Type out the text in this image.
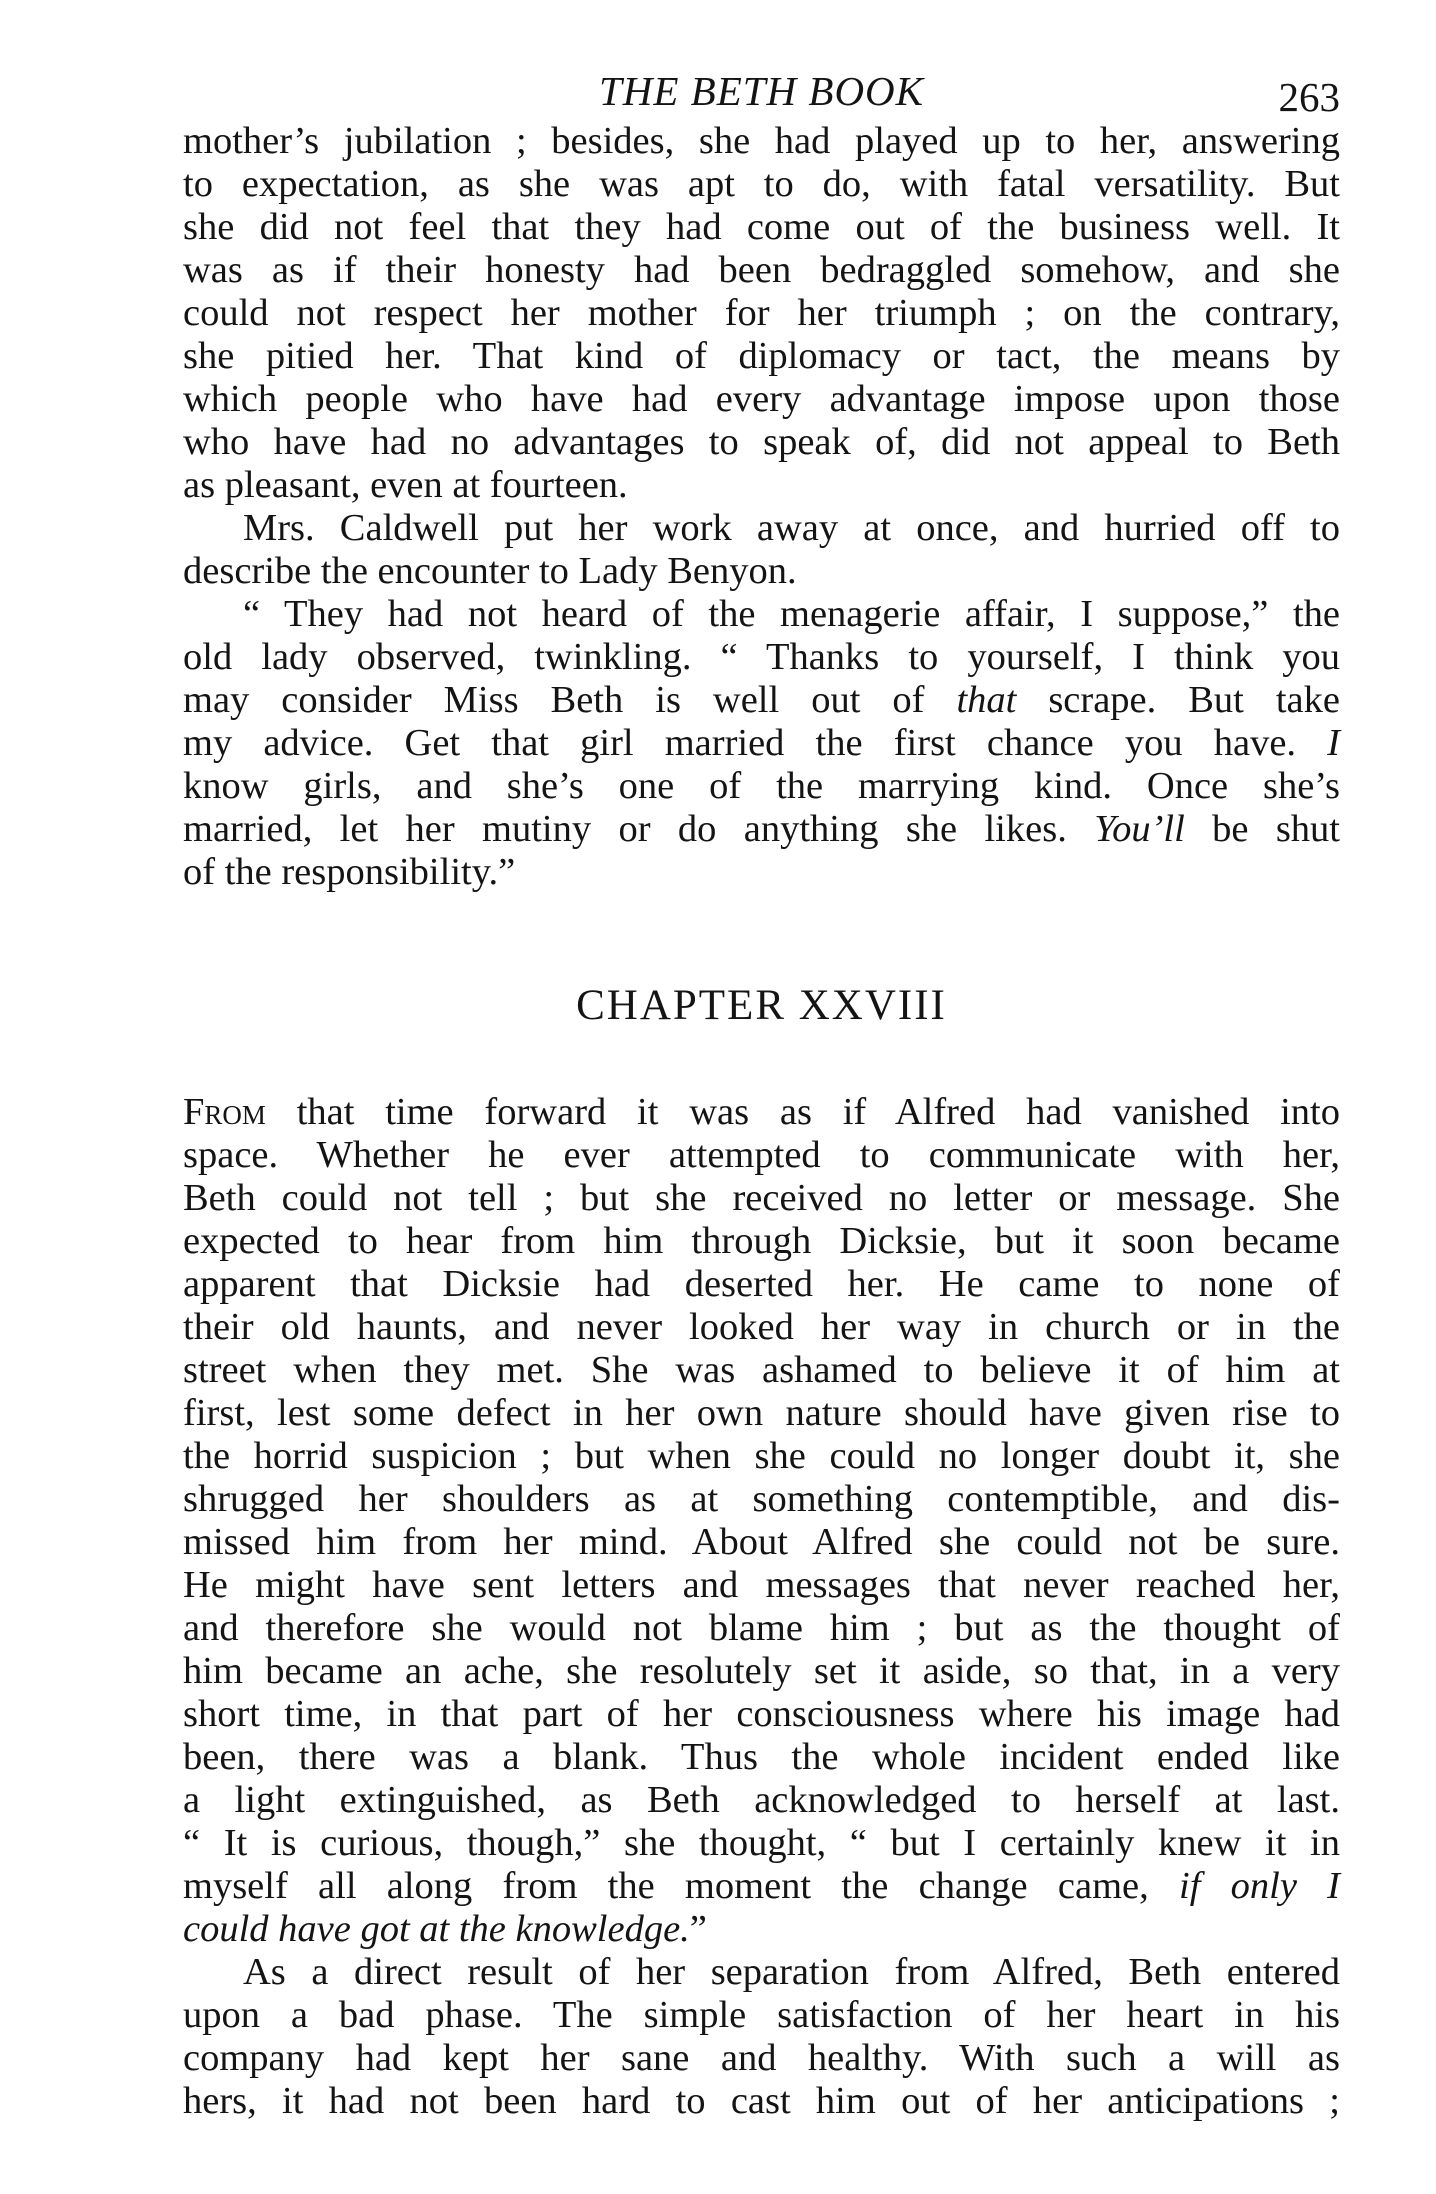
THE BETH BOOK	263
mother’s jubilation ; besides, she had played up to her, answering
to expectation, as she was apt to do, with fatal versatility. But
she did not feel that they had come out of the business well. It
was as if their honesty had been bedraggled somehow, and she
could not respect her mother for her triumph ; on the contrary,
she pitied her. That kind of diplomacy or tact, the means by
which people who have had every advantage impose upon those
who have had no advantages to speak of, did not appeal to Beth
as pleasant, even at fourteen.
Mrs. Caldwell put her work away at once, and hurried off to
describe the encounter to Lady Benyon.
“ They had not heard of the menagerie affair, I suppose,” the
old lady observed, twinkling. “ Thanks to yourself, I think you
may consider Miss Beth is well out of that scrape. But take
my advice. Get that girl married the first chance you have. I
know girls, and she’s one of the marrying kind. Once she’s
married, let her mutiny or do anything she likes. You’ll be shut
of the responsibility.”
CHAPTER XXVIII
From that time forward it was as if Alfred had vanished into
space. Whether he ever attempted to communicate with her,
Beth could not tell ; but she received no letter or message. She
expected to hear from him through Dicksie, but it soon became
apparent that Dicksie had deserted her. He came to none of
their old haunts, and never looked her way in church or in the
street when they met. She was ashamed to believe it of him at
first, lest some defect in her own nature should have given rise to
the horrid suspicion ; but when she could no longer doubt it, she
shrugged her shoulders as at something contemptible, and dis-
missed him from her mind. About Alfred she could not be sure.
He might have sent letters and messages that never reached her,
and therefore she would not blame him ; but as the thought of
him became an ache, she resolutely set it aside, so that, in a very
short time, in that part of her consciousness where his image had
been, there was a blank. Thus the whole incident ended like
a light extinguished, as Beth acknowledged to herself at last.
“ It is curious, though,” she thought, “ but I certainly knew it in
myself all along from the moment the change came, if only I
could have got at the knowledge.”
As a direct result of her separation from Alfred, Beth entered
upon a bad phase. The simple satisfaction of her heart in his
company had kept her sane and healthy. With such a will as
hers, it had not been hard to cast him out of her anticipations ;
